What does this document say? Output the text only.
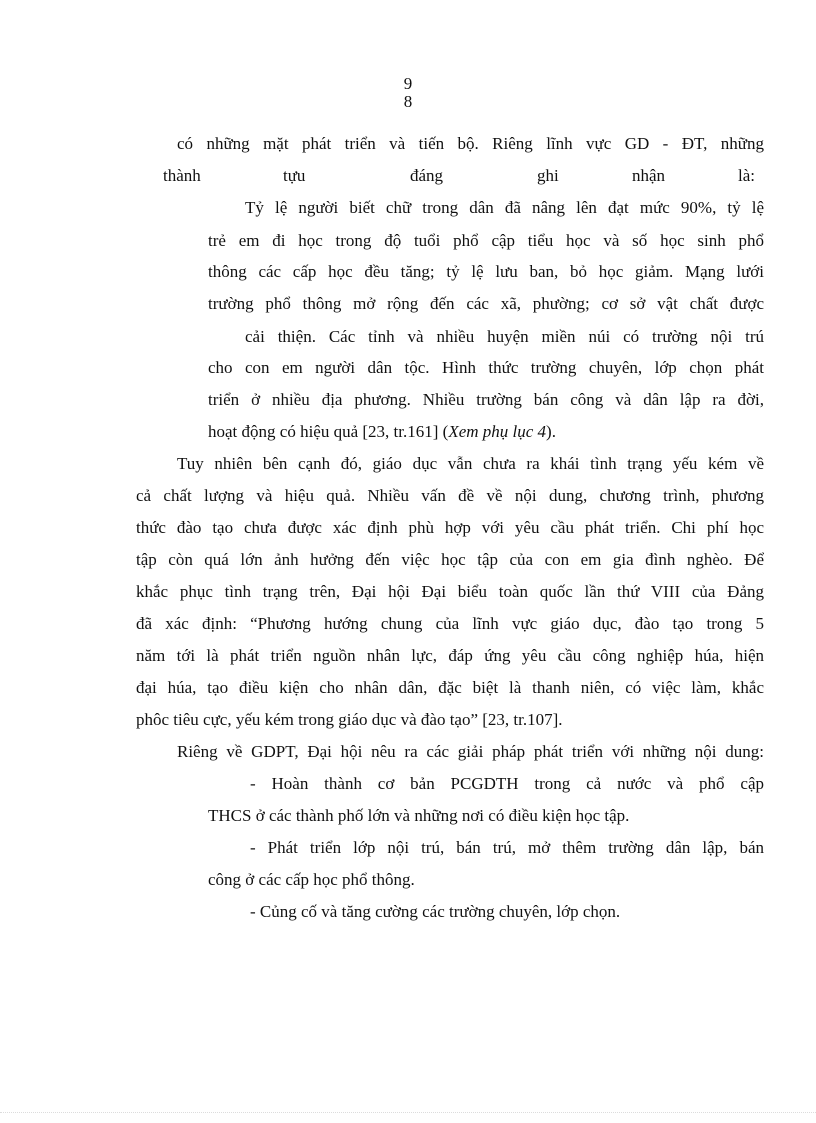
9
8
có những mặt phát triển và tiến bộ. Riêng lĩnh vực GD - ĐT, những
thành	tựu	đáng	ghi	nhận	là:
Tỷ lệ người biết chữ trong dân đã nâng lên đạt mức 90%, tỷ lệ
trẻ em đi học trong độ tuổi phổ cập tiểu học và số học sinh phổ
thông các cấp học đều tăng; tỷ lệ lưu ban, bỏ học giảm. Mạng lưới
trường phổ thông mở rộng đến các xã, phường; cơ sở vật chất được
cải thiện. Các tỉnh và nhiều huyện miền núi có trường nội trú
cho con em người dân tộc. Hình thức trường chuyên, lớp chọn phát
triển ở nhiều địa phương. Nhiều trường bán công và dân lập ra đời,
hoạt động có hiệu quả [23, tr.161] (Xem phụ lục 4).
Tuy nhiên bên cạnh đó, giáo dục vẫn chưa ra khái tình trạng yếu kém về
cả chất lượng và hiệu quả. Nhiều vấn đề về nội dung, chương trình, phương
thức đào tạo chưa được xác định phù hợp với yêu cầu phát triển. Chi phí học
tập còn quá lớn ảnh hưởng đến việc học tập của con em gia đình nghèo. Để
khắc phục tình trạng trên, Đại hội Đại biểu toàn quốc lần thứ VIII của Đảng
đã xác định: “Phương hướng chung của lĩnh vực giáo dục, đào tạo trong 5
năm tới là phát triển nguồn nhân lực, đáp ứng yêu cầu công nghiệp húa, hiện
đại húa, tạo điều kiện cho nhân dân, đặc biệt là thanh niên, có việc làm, khắc
phôc tiêu cực, yếu kém trong giáo dục và đào tạo” [23, tr.107].
Riêng về GDPT, Đại hội nêu ra các giải pháp phát triển với những nội dung:
- Hoàn thành cơ bản PCGDTH trong cả nước và phổ cập
THCS ở các thành phố lớn và những nơi có điều kiện học tập.
- Phát triển lớp nội trú, bán trú, mở thêm trường dân lập, bán
công ở các cấp học phổ thông.
- Củng cố và tăng cường các trường chuyên, lớp chọn.
